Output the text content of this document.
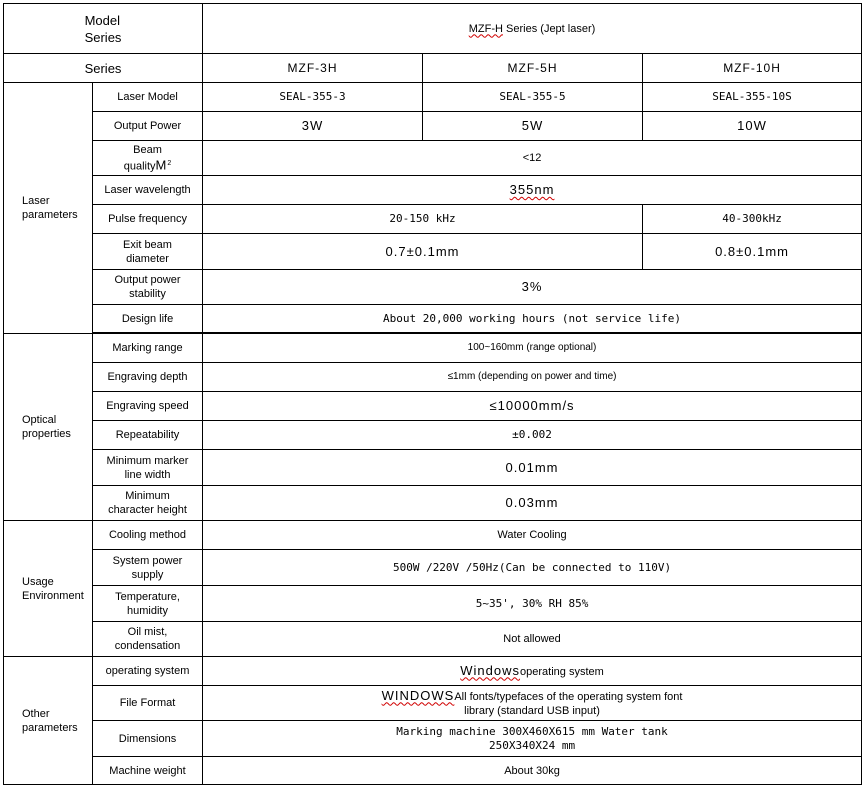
Model
Series		MZF-H Series (Jept laser)		
Series		MZF-3H	MZF-5H	MZF-10H
Laser
parameters	Laser Model	SEAL-355-3	SEAL-355-5	SEAL-355-10S
	Output Power	3W	5W	10W
	Beam
qualityM$^2$	<12		
	Laser wavelength	355nm		
	Pulse frequency	20-150 kHz		40-300kHz
	Exit beam
diameter	0.7±0.1mm		0.8±0.1mm
	Output power
stability	3%		
	Design life	About 20,000 working hours (not service life)		

Optical
properties	Marking range	100~160mm (range optional)		
	Engraving depth	≤1mm (depending on power and time)		
	Engraving speed	≤10000mm/s		
	Repeatability	±0.002		
	Minimum marker
line width	0.01mm		
	Minimum
character height	0.03mm		
Usage
Environment	Cooling method	Water Cooling		
	System power
supply	500W /220V /50Hz(Can be connected to 110V)		
	Temperature,
humidity	5~35', 30% RH 85%		
	Oil mist,
condensation	Not allowed		
Other
parameters	operating system	Windowsoperating system		
	File Format	WINDOWSAll fonts/typefaces of the operating system font
library (standard USB input)		
	Dimensions	Marking machine 300X460X615 mm Water tank
250X340X24 mm		
	Machine weight	About 30kg		
